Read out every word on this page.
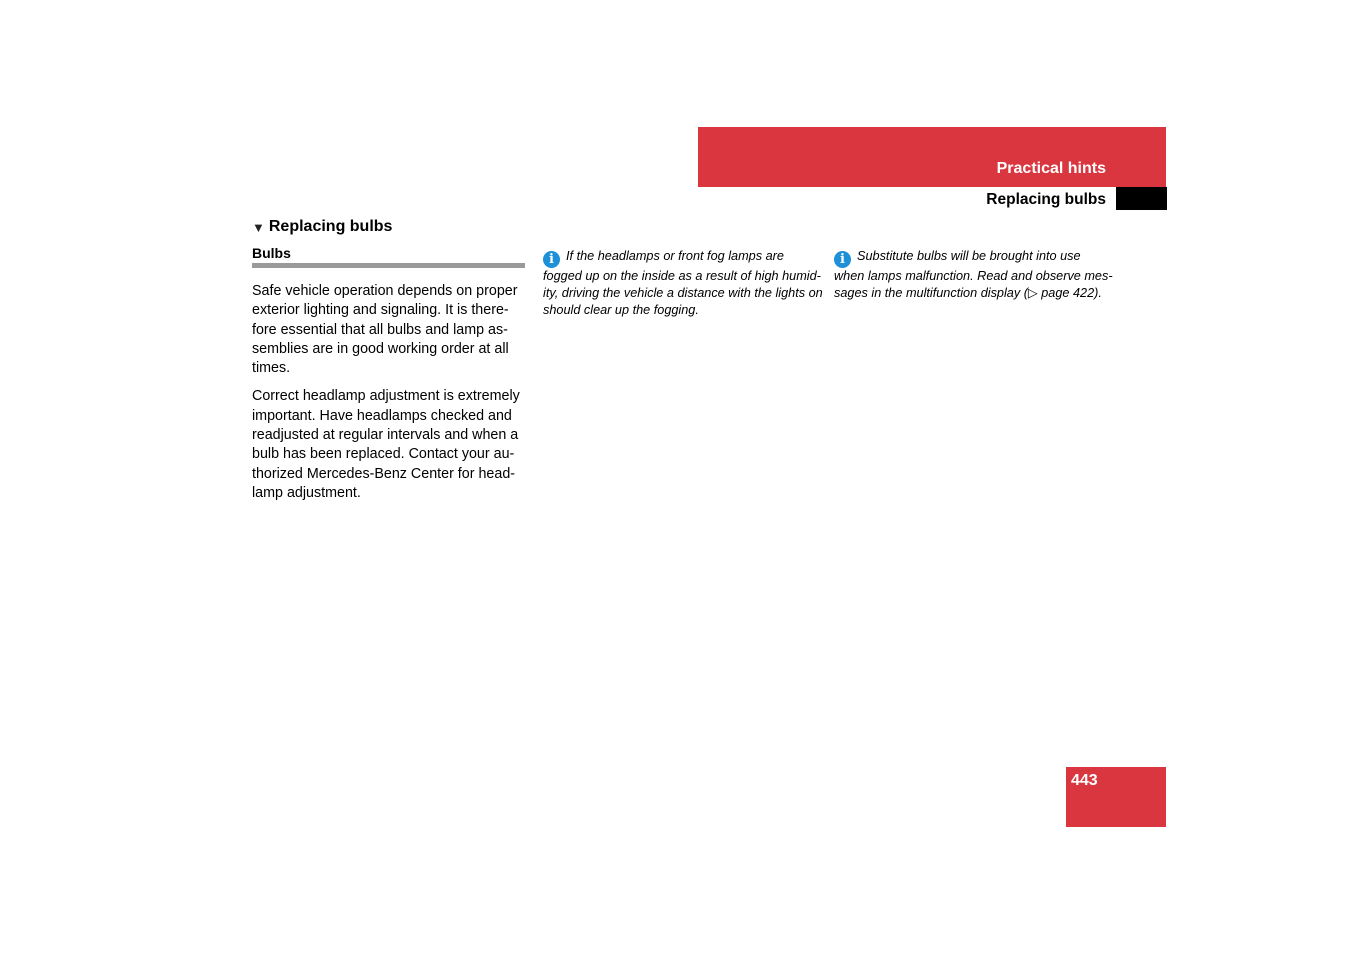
Practical hints
Replacing bulbs
▼ Replacing bulbs
Bulbs

Safe vehicle operation depends on proper exterior lighting and signaling. It is there-fore essential that all bulbs and lamp as-semblies are in good working order at all times.

Correct headlamp adjustment is extremely important. Have headlamps checked and readjusted at regular intervals and when a bulb has been replaced. Contact your au-thorized Mercedes-Benz Center for head-lamp adjustment.

i If the headlamps or front fog lamps are fogged up on the inside as a result of high humid-ity, driving the vehicle a distance with the lights on should clear up the fogging.
i Substitute bulbs will be brought into use when lamps malfunction. Read and observe mes-sages in the multifunction display (▷ page 422).
443
